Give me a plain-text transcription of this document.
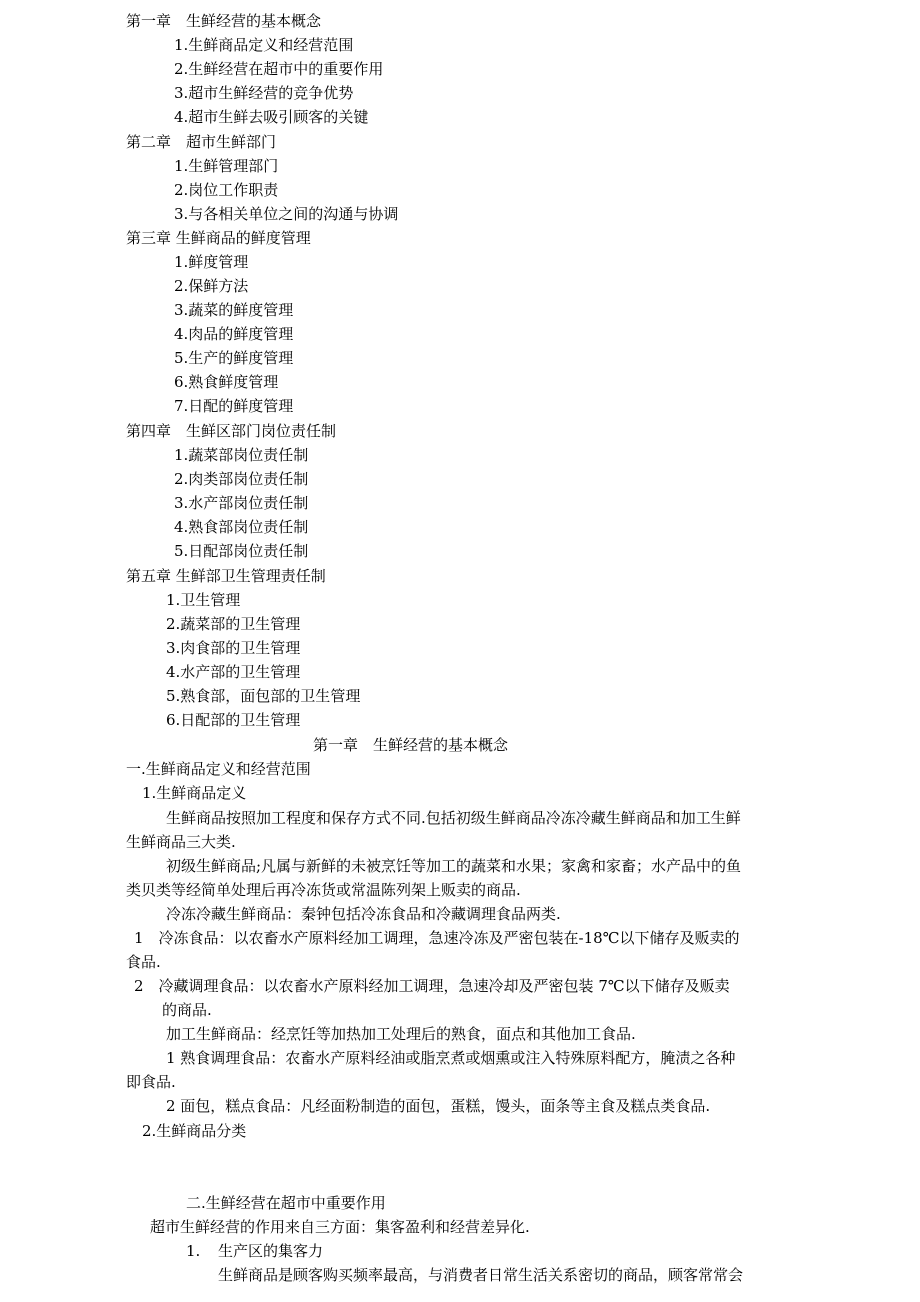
第一章　生鲜经营的基本概念
1.生鲜商品定义和经营范围
2.生鲜经营在超市中的重要作用
3.超市生鲜经营的竞争优势
4.超市生鲜去吸引顾客的关键
第二章　超市生鲜部门
1.生鲜管理部门
2.岗位工作职责
3.与各相关单位之间的沟通与协调
第三章 生鲜商品的鲜度管理
1.鲜度管理
2.保鲜方法
3.蔬菜的鲜度管理
4.肉品的鲜度管理
5.生产的鲜度管理
6.熟食鲜度管理
7.日配的鲜度管理
第四章　生鲜区部门岗位责任制
1.蔬菜部岗位责任制
2.肉类部岗位责任制
3.水产部岗位责任制
4.熟食部岗位责任制
5.日配部岗位责任制
第五章 生鲜部卫生管理责任制
1.卫生管理
2.蔬菜部的卫生管理
3.肉食部的卫生管理
4.水产部的卫生管理
5.熟食部，面包部的卫生管理
6.日配部的卫生管理
第一章　生鲜经营的基本概念
一.生鲜商品定义和经营范围
1.生鲜商品定义
生鲜商品按照加工程度和保存方式不同.包括初级生鲜商品冷冻冷藏生鲜商品和加工生鲜
生鲜商品三大类.
初级生鲜商品;凡属与新鲜的未被烹饪等加工的蔬菜和水果；家禽和家畜；水产品中的鱼
类贝类等经简单处理后再冷冻货或常温陈列架上贩卖的商品.
冷冻冷藏生鲜商品：秦钟包括冷冻食品和冷藏调理食品两类.
1　冷冻食品：以农畜水产原料经加工调理，急速冷冻及严密包装在-18℃以下储存及贩卖的
食品.
2　冷藏调理食品：以农畜水产原料经加工调理，急速冷却及严密包装 7℃以下储存及贩卖
的商品.
加工生鲜商品：经烹饪等加热加工处理后的熟食，面点和其他加工食品.
1 熟食调理食品：农畜水产原料经油或脂烹煮或烟熏或注入特殊原料配方，腌渍之各种
即食品.
2 面包，糕点食品：凡经面粉制造的面包，蛋糕，馒头，面条等主食及糕点类食品.
2.生鲜商品分类
二.生鲜经营在超市中重要作用
超市生鲜经营的作用来自三方面：集客盈利和经营差异化.
1. 生产区的集客力
生鲜商品是顾客购买频率最高，与消费者日常生活关系密切的商品，顾客常常会
